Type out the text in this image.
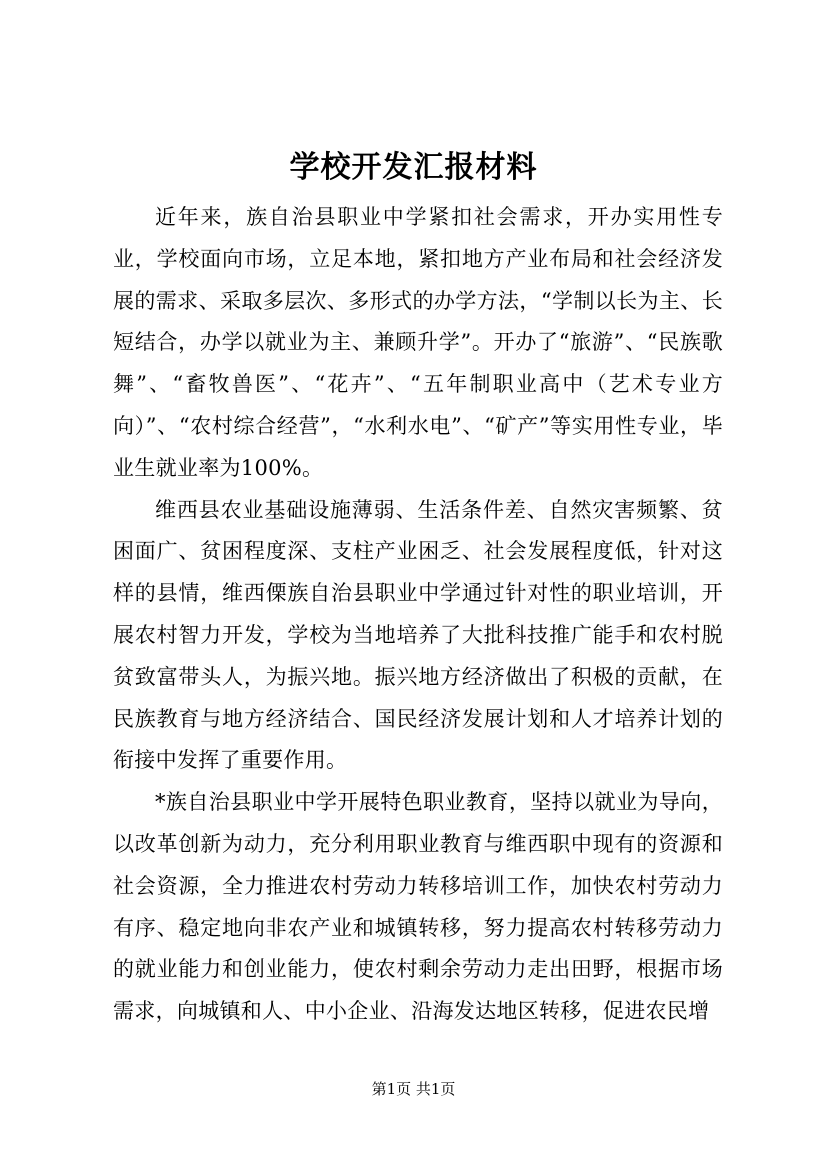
学校开发汇报材料

近年来，族自治县职业中学紧扣社会需求，开办实用性专业，学校面向市场，立足本地，紧扣地方产业布局和社会经济发展的需求、采取多层次、多形式的办学方法，“学制以长为主、长短结合，办学以就业为主、兼顾升学”。开办了“旅游”、“民族歌舞”、“畜牧兽医”、“花卉”、“五年制职业高中（艺术专业方向）”、“农村综合经营”，“水利水电”、“矿产”等实用性专业，毕业生就业率为100%。

维西县农业基础设施薄弱、生活条件差、自然灾害频繁、贫困面广、贫困程度深、支柱产业困乏、社会发展程度低，针对这样的县情，维西傈族自治县职业中学通过针对性的职业培训，开展农村智力开发，学校为当地培养了大批科技推广能手和农村脱贫致富带头人，为振兴地。振兴地方经济做出了积极的贡献，在民族教育与地方经济结合、国民经济发展计划和人才培养计划的衔接中发挥了重要作用。

*族自治县职业中学开展特色职业教育，坚持以就业为导向，以改革创新为动力，充分利用职业教育与维西职中现有的资源和社会资源，全力推进农村劳动力转移培训工作，加快农村劳动力有序、稳定地向非农产业和城镇转移，努力提高农村转移劳动力的就业能力和创业能力，使农村剩余劳动力走出田野，根据市场需求，向城镇和人、中小企业、沿海发达地区转移，促进农民增

第1页 共1页
